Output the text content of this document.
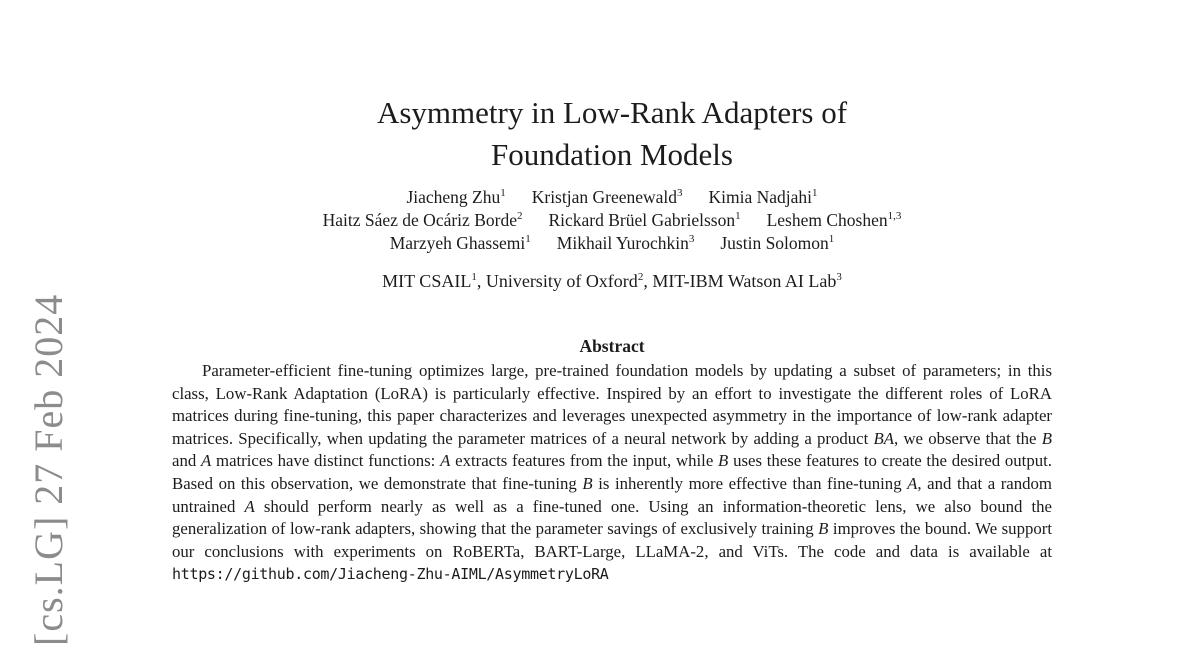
[cs.LG] 27 Feb 2024
Asymmetry in Low-Rank Adapters of
Foundation Models
Jiacheng Zhu$^1$ Kristjan Greenewald$^3$ Kimia Nadjahi$^1$
Haitz Sáez de Ocáriz Borde$^2$ Rickard Brüel Gabrielsson$^1$ Leshem Choshen$^{1,3}$
Marzyeh Ghassemi$^1$ Mikhail Yurochkin$^3$ Justin Solomon$^1$
MIT CSAIL$^1$, University of Oxford$^2$, MIT-IBM Watson AI Lab$^3$
Abstract
Parameter-efficient fine-tuning optimizes large, pre-trained foundation models by updating a subset of parameters; in this class, Low-Rank Adaptation (LoRA) is particularly effective. Inspired by an effort to investigate the different roles of LoRA matrices during fine-tuning, this paper characterizes and leverages unexpected asymmetry in the importance of low-rank adapter matrices. Specifically, when updating the parameter matrices of a neural network by adding a product BA, we observe that the B and A matrices have distinct functions: A extracts features from the input, while B uses these features to create the desired output. Based on this observation, we demonstrate that fine-tuning B is inherently more effective than fine-tuning A, and that a random untrained A should perform nearly as well as a fine-tuned one. Using an information-theoretic lens, we also bound the generalization of low-rank adapters, showing that the parameter savings of exclusively training B improves the bound. We support our conclusions with experiments on RoBERTa, BART-Large, LLaMA-2, and ViTs. The code and data is available at https://github.com/Jiacheng-Zhu-AIML/AsymmetryLoRA
